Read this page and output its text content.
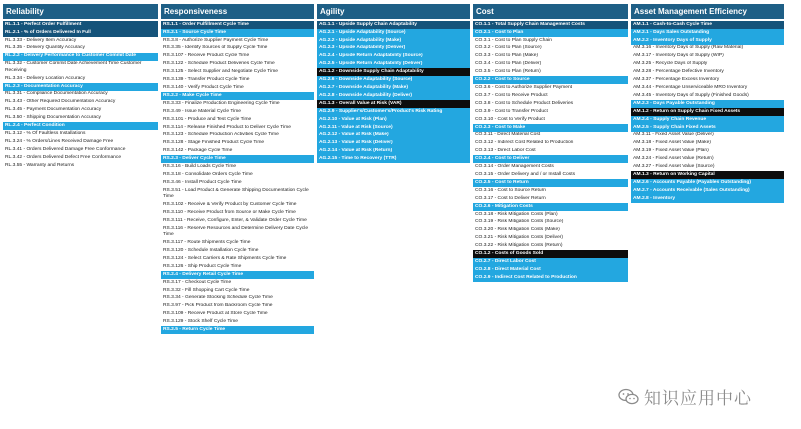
Reliability
RL.1.1 - Perfect Order Fulfillment
RL.2.1 - % of Orders Delivered In Full
RL.3.33 - Delivery Item Accuracy
RL.3.35 - Delivery Quantity Accuracy
RL.2.2 - Delivery Performance to Customer Commit Date
RL.3.32 - Customer Commit Date Achievement Time Customer Receiving
RL.3.34 - Delivery Location Accuracy
RL.2.3 - Documentation Accuracy
RL.3.31 - Compliance Documentation Accuracy
RL.3.43 - Other Required Documentation Accuracy
RL.3.45 - Payment Documentation Accuracy
RL.3.50 - Shipping Documentation Accuracy
RL.2.4 - Perfect Condition
RL.3.12 - % Of Faultless Installations
RL.3.24 - % Orders/Lines Received Damage Free
RL.3.41 - Orders Delivered Damage Free Conformance
RL.3.42 - Orders Delivered Defect Free Conformance
RL.3.55 - Warranty and Returns
Responsiveness
RS.1.1 - Order Fulfillment Cycle Time
RS.2.1 - Source Cycle Time
RS.3.8 - Authorize Supplier Payment Cycle Time
RS.3.35 - Identify Sources of Supply Cycle Time
RS.3.107 - Receive Product Cycle Time
RS.3.122 - Schedule Product Deliveries Cycle Time
RS.3.125 - Select Supplier and Negotiate Cycle Time
RS.3.139 - Transfer Product Cycle Time
RS.3.140 - Verify Product Cycle Time
RS.2.2 - Make Cycle Time
RS.3.33 - Finalize Production Engineering Cycle Time
RS.3.49 - Issue Material Cycle Time
RS.3.101 - Produce and Test Cycle Time
RS.3.114 - Release Finished Product to Deliver Cycle Time
RS.3.123 - Schedule Production Activities Cycle Time
RS.3.128 - Stage Finished Product Cycle Time
RS.3.142 - Package Cycle Time
RS.2.3 - Deliver Cycle Time
RS.3.16 - Build Loads Cycle Time
RS.3.18 - Consolidate Orders Cycle Time
RS.3.46 - Install Product Cycle Time
RS.3.51 - Load Product & Generate Shipping Documentation Cycle Time
RS.3.102 - Receive & Verify Product by Customer Cycle Time
RS.3.110 - Receive Product from Source or Make Cycle Time
RS.3.111 - Receive, Configure, Enter, & Validate Order Cycle Time
RS.3.116 - Reserve Resources and Determine Delivery Date Cycle Time
RS.3.117 - Route Shipments Cycle Time
RS.3.120 - Schedule Installation Cycle Time
RS.3.124 - Select Carriers & Rate Shipments Cycle Time
RS.3.126 - Ship Product Cycle Time
RS.2.4 - Delivery Retail Cycle Time
RS.3.17 - Checkout Cycle Time
RS.3.32 - Fill Shopping Cart Cycle Time
RS.3.34 - Generate Stocking Schedule Cycle Time
RS.3.97 - Pick Product from Backroom Cycle Time
RS.3.109 - Receive Product at Store Cycle Time
RS.3.129 - Stock Shelf Cycle Time
RS.2.5 - Return Cycle Time
Agility
AG.1.1 - Upside Supply Chain Adaptability
AG.2.1 - Upside Adaptability (Source)
AG.2.2 - Upside Adaptability (Make)
AG.2.3 - Upside Adaptability (Deliver)
AG.2.4 - Upside Return Adaptability (Source)
AG.2.5 - Upside Return Adaptability (Deliver)
AG.1.2 - Downside Supply Chain Adaptability
AG.2.6 - Downside Adaptability (Source)
AG.2.7 - Downside Adaptability (Make)
AG.2.8 - Downside Adaptability (Deliver)
AG.1.3 - Overall Value at Risk (VAR)
AG.2.9 - Supplier's/Customer's/Product's Risk Rating
AG.2.10 - Value at Risk (Plan)
AG.2.11 - Value at Risk (Source)
AG.2.12 - Value at Risk (Make)
AG.2.13 - Value at Risk (Deliver)
AG.2.14 - Value at Risk (Return)
AG.2.15 - Time to Recovery (TTR)
Cost
CO.1.1 - Total Supply Chain Management Costs
CO.2.1 - Cost to Plan
CO.3.1 - Cost to Plan Supply Chain
CO.3.2 - Cost to Plan (Source)
CO.3.3 - Cost to Plan (Make)
CO.3.4 - Cost to Plan (Deliver)
CO.3.5 - Cost to Plan (Return)
CO.2.2 - Cost to Source
CO.3.6 - Cost to Authorize Supplier Payment
CO.3.7 - Cost to Receive Product
CO.3.8 - Cost to Schedule Product Deliveries
CO.3.9 - Cost to Transfer Product
CO.3.10 - Cost to Verify Product
CO.2.3 - Cost to Make
CO.3.11 - Direct Material Cost
CO.3.12 - Indirect Cost Related to Production
CO.3.13 - Direct Labor Cost
CO.2.4 - Cost to Deliver
CO.3.14 - Order Management Costs
CO.3.15 - Order Delivery and / or Install Costs
CO.2.5 - Cost to Return
CO.3.16 - Cost to Source Return
CO.3.17 - Cost to Deliver Return
CO.2.6 - Mitigation Costs
CO.3.18 - Risk Mitigation Costs (Plan)
CO.3.19 - Risk Mitigation Costs (Source)
CO.3.20 - Risk Mitigation Costs (Make)
CO.3.21 - Risk Mitigation Costs (Deliver)
CO.3.22 - Risk Mitigation Costs (Return)
CO.1.2 - Costs of Goods Sold
CO.2.7 - Direct Labor Cost
CO.2.8 - Direct Material Cost
CO.2.9 - Indirect Cost Related to Production
Asset Management Efficiency
AM.1.1 - Cash-to-Cash Cycle Time
AM.2.1 - Days Sales Outstanding
AM.2.2 - Inventory Days of Supply
AM.3.16 - Inventory Days of Supply (Raw Material)
AM.3.17 - Inventory Days of Supply (WIP)
AM.3.25 - Recycle Days of Supply
AM.3.28 - Percentage Defective Inventory
AM.3.37 - Percentage Excess Inventory
AM.3.44 - Percentage Unserviceable MRO Inventory
AM.3.45 - Inventory Days of Supply (Finished Goods)
AM.2.3 - Days Payable Outstanding
AM.1.2 - Return on Supply Chain Fixed Assets
AM.2.4 - Supply Chain Revenue
AM.2.5 - Supply Chain Fixed Assets
AM.3.11 - Fixed Asset Value (Deliver)
AM.3.18 - Fixed Asset Value (Make)
AM.3.19 - Fixed Asset Value (Plan)
AM.3.24 - Fixed Asset Value (Return)
AM.3.27 - Fixed Asset Value (Source)
AM.1.3 - Return on Working Capital
AM.2.6 - Accounts Payable (Payables Outstanding)
AM.2.7 - Accounts Receivable (Sales Outstanding)
AM.2.8 - Inventory
知识应用中心
